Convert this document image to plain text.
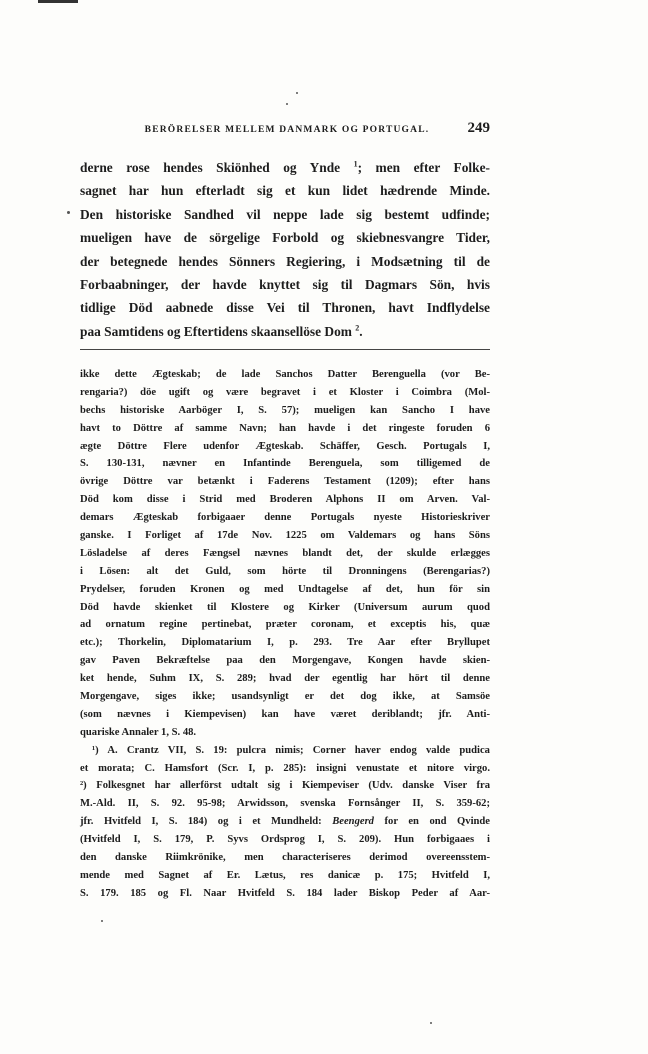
BERÖRELSER MELLEM DANMARK OG PORTUGAL.	249
derne rose hendes Skiönhed og Ynde $^1$; men efter Folke-
sagnet har hun efterladt sig et kun lidet hædrende Minde.
Den historiske Sandhed vil neppe lade sig bestemt udfinde;
mueligen have de sörgelige Forbold og skiebnesvangre Tider,
der betegnede hendes Sönners Regiering, i Modsætning til de
Forbaabninger, der havde knyttet sig til Dagmars Sön, hvis
tidlige Död aabnede disse Vei til Thronen, havt Indflydelse
paa Samtidens og Eftertidens skaansellöse Dom $^2$.
ikke dette Ægteskab; de lade Sanchos Datter Berenguella (vor Be-
rengaria?) döe ugift og være begravet i et Kloster i Coimbra (Mol-
bechs historiske Aarböger I, S. 57); mueligen kan Sancho I have
havt to Döttre af samme Navn; han havde i det ringeste foruden 6
ægte Döttre Flere udenfor Ægteskab. Schäffer, Gesch. Portugals I,
S. 130-131, nævner en Infantinde Berenguela, som tilligemed de
övrige Döttre var betænkt i Faderens Testament (1209); efter hans
Död kom disse i Strid med Broderen Alphons II om Arven. Val-
demars Ægteskab forbigaaer denne Portugals nyeste Historieskriver
ganske. I Forliget af 17de Nov. 1225 om Valdemars og hans Söns
Lösladelse af deres Fængsel nævnes blandt det, der skulde erlægges
i Lösen: alt det Guld, som hörte til Dronningens (Berengarias?)
Prydelser, foruden Kronen og med Undtagelse af det, hun för sin
Död havde skienket til Klostere og Kirker (Universum aurum quod
ad ornatum regine pertinebat, præter coronam, et exceptis his, quæ
etc.); Thorkelin, Diplomatarium I, p. 293. Tre Aar efter Bryllupet
gav Paven Bekræftelse paa den Morgengave, Kongen havde skien-
ket hende, Suhm IX, S. 289; hvad der egentlig har hört til denne
Morgengave, siges ikke; usandsynligt er det dog ikke, at Samsöe
(som nævnes i Kiempevisen) kan have været deriblandt; jfr. Anti-
quariske Annaler 1, S. 48.
¹) A. Crantz VII, S. 19: pulcra nimis; Corner haver endog valde pudica
et morata; C. Hamsfort (Scr. I, p. 285): insigni venustate et nitore virgo.
²) Folkesgnet har allerförst udtalt sig i Kiempeviser (Udv. danske Viser fra
M.-Ald. II, S. 92. 95-98; Arwidsson, svenska Fornsånger II, S. 359-62;
jfr. Hvitfeld I, S. 184) og i et Mundheld: Beengerd for en ond Qvinde
(Hvitfeld I, S. 179, P. Syvs Ordsprog I, S. 209). Hun forbigaaes i
den danske Riimkrönike, men characteriseres derimod overeensstem-
mende med Sagnet af Er. Lætus, res danicæ p. 175; Hvitfeld I,
S. 179. 185 og Fl. Naar Hvitfeld S. 184 lader Biskop Peder af Aar-
